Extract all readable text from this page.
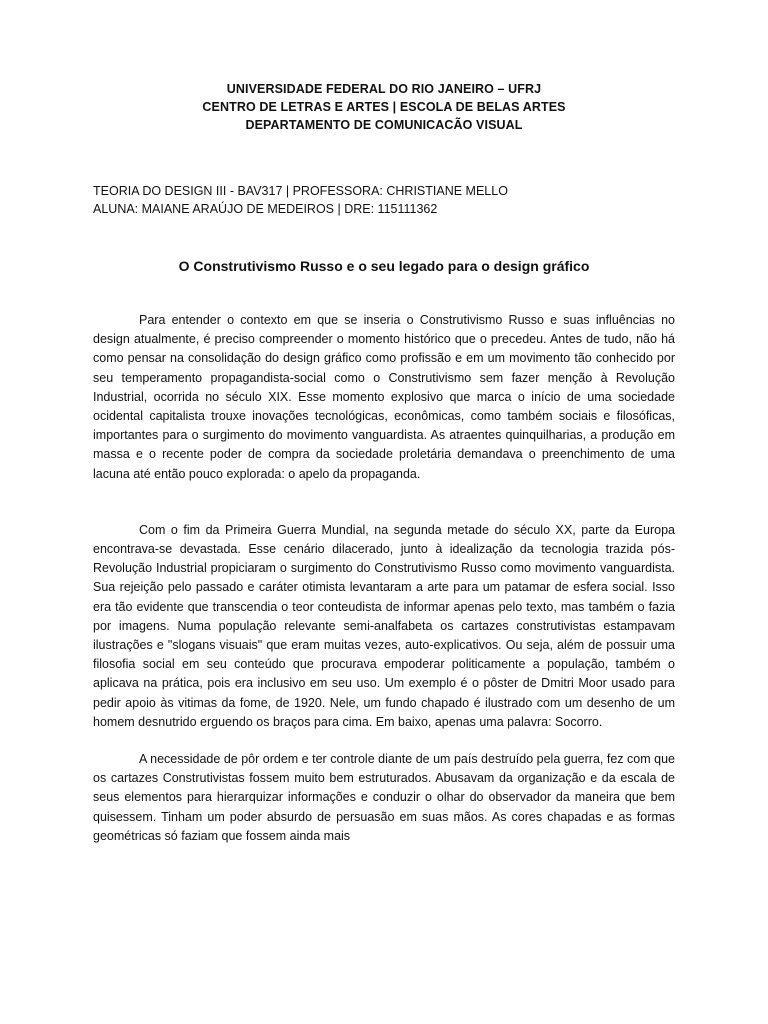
UNIVERSIDADE FEDERAL DO RIO JANEIRO – UFRJ
CENTRO DE LETRAS E ARTES | ESCOLA DE BELAS ARTES
DEPARTAMENTO DE COMUNICACÃO VISUAL
TEORIA DO DESIGN III - BAV317 | PROFESSORA: CHRISTIANE MELLO
ALUNA: MAIANE ARAÚJO DE MEDEIROS | DRE: 115111362
O Construtivismo Russo e o seu legado para o design gráfico

Para entender o contexto em que se inseria o Construtivismo Russo e suas influências no design atualmente, é preciso compreender o momento histórico que o precedeu. Antes de tudo, não há como pensar na consolidação do design gráfico como profissão e em um movimento tão conhecido por seu temperamento propagandista-social como o Construtivismo sem fazer menção à Revolução Industrial, ocorrida no século XIX. Esse momento explosivo que marca o início de uma sociedade ocidental capitalista trouxe inovações tecnológicas, econômicas, como também sociais e filosóficas, importantes para o surgimento do movimento vanguardista. As atraentes quinquilharias, a produção em massa e o recente poder de compra da sociedade proletária demandava o preenchimento de uma lacuna até então pouco explorada: o apelo da propaganda.

Com o fim da Primeira Guerra Mundial, na segunda metade do século XX, parte da Europa encontrava-se devastada. Esse cenário dilacerado, junto à idealização da tecnologia trazida pós-Revolução Industrial propiciaram o surgimento do Construtivismo Russo como movimento vanguardista. Sua rejeição pelo passado e caráter otimista levantaram a arte para um patamar de esfera social. Isso era tão evidente que transcendia o teor conteudista de informar apenas pelo texto, mas também o fazia por imagens. Numa população relevante semi-analfabeta os cartazes construtivistas estampavam ilustrações e "slogans visuais" que eram muitas vezes, auto-explicativos. Ou seja, além de possuir uma filosofia social em seu conteúdo que procurava empoderar politicamente a população, também o aplicava na prática, pois era inclusivo em seu uso. Um exemplo é o pôster de Dmitri Moor usado para pedir apoio às vitimas da fome, de 1920. Nele, um fundo chapado é ilustrado com um desenho de um homem desnutrido erguendo os braços para cima. Em baixo, apenas uma palavra: Socorro.

A necessidade de pôr ordem e ter controle diante de um país destruído pela guerra, fez com que os cartazes Construtivistas fossem muito bem estruturados. Abusavam da organização e da escala de seus elementos para hierarquizar informações e conduzir o olhar do observador da maneira que bem quisessem. Tinham um poder absurdo de persuasão em suas mãos. As cores chapadas e as formas geométricas só faziam que fossem ainda mais
